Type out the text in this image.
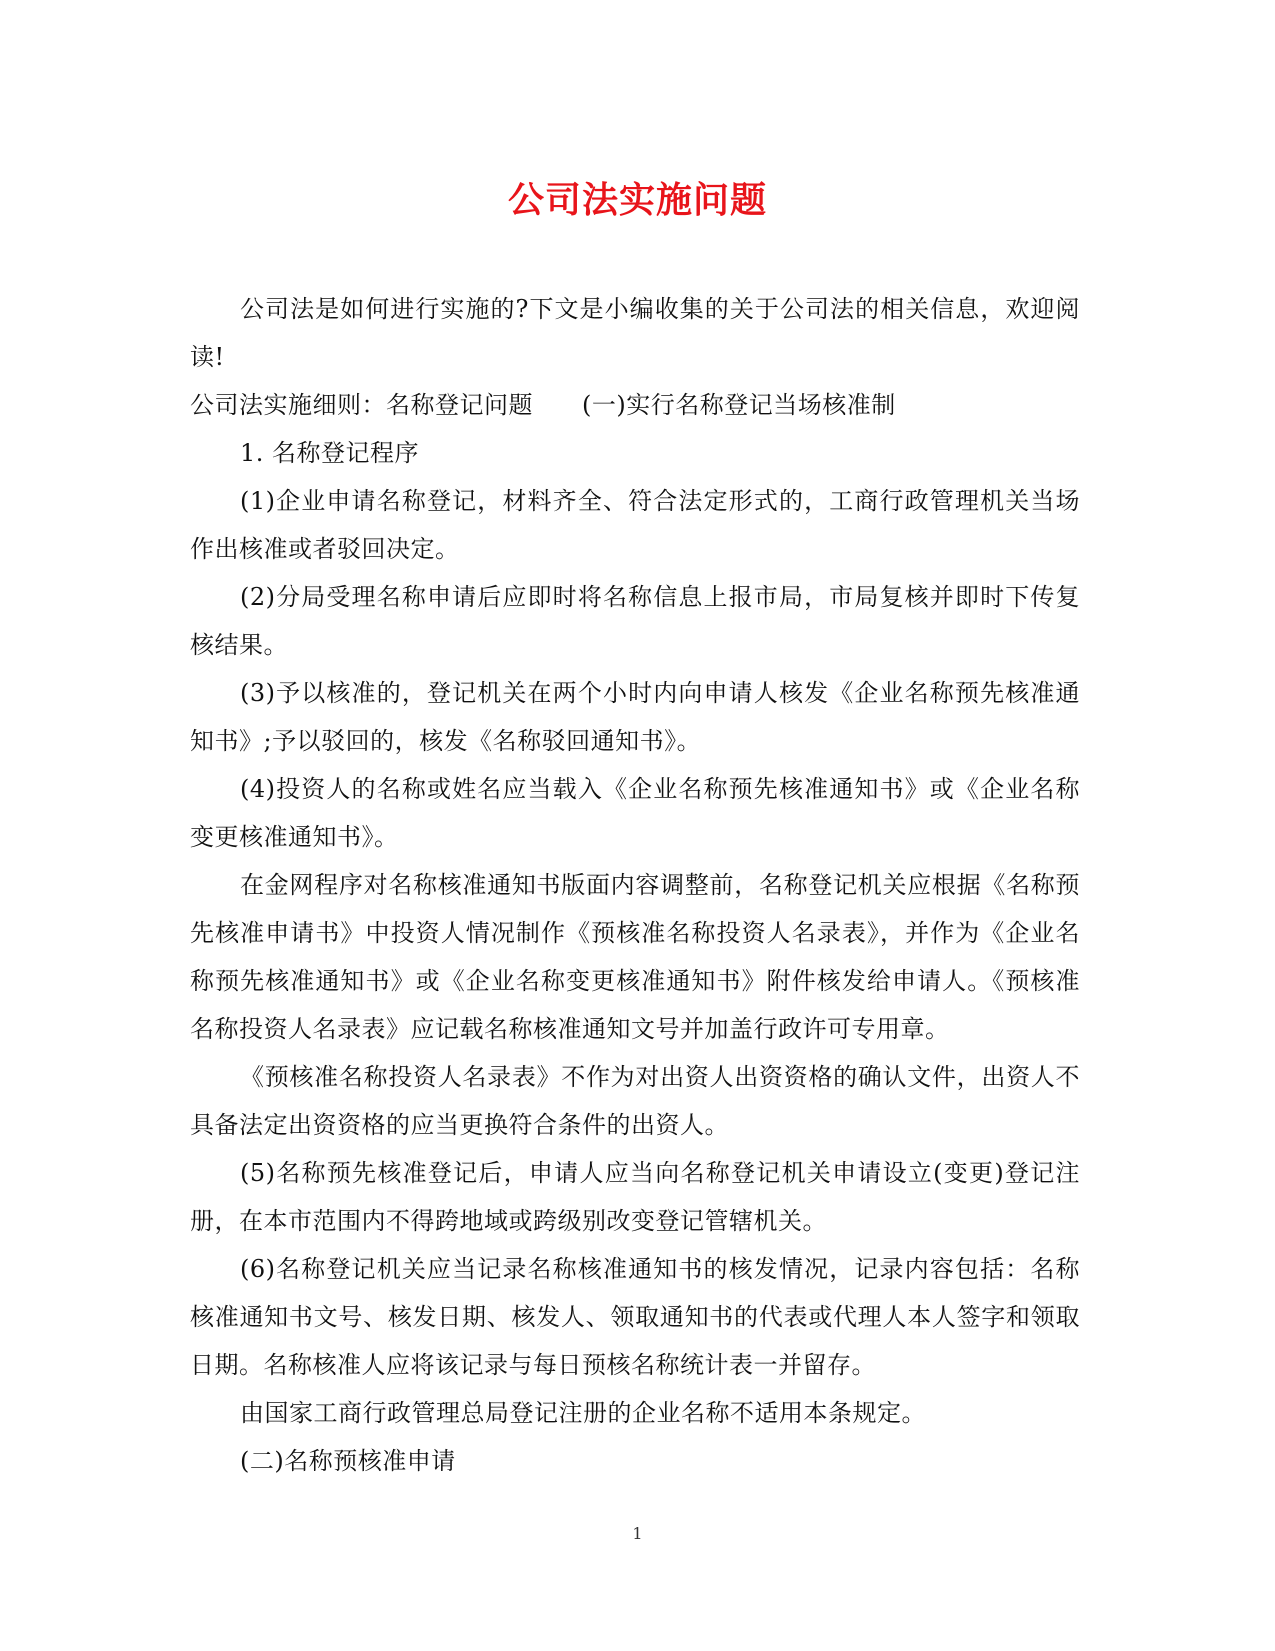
公司法实施问题

公司法是如何进行实施的?下文是小编收集的关于公司法的相关信息，欢迎阅读!

公司法实施细则：名称登记问题　　(一)实行名称登记当场核准制

1. 名称登记程序

(1)企业申请名称登记，材料齐全、符合法定形式的，工商行政管理机关当场作出核准或者驳回决定。

(2)分局受理名称申请后应即时将名称信息上报市局，市局复核并即时下传复核结果。

(3)予以核准的，登记机关在两个小时内向申请人核发《企业名称预先核准通知书》;予以驳回的，核发《名称驳回通知书》。

(4)投资人的名称或姓名应当载入《企业名称预先核准通知书》或《企业名称变更核准通知书》。

在金网程序对名称核准通知书版面内容调整前，名称登记机关应根据《名称预先核准申请书》中投资人情况制作《预核准名称投资人名录表》，并作为《企业名称预先核准通知书》或《企业名称变更核准通知书》附件核发给申请人。《预核准名称投资人名录表》应记载名称核准通知文号并加盖行政许可专用章。

《预核准名称投资人名录表》不作为对出资人出资资格的确认文件，出资人不具备法定出资资格的应当更换符合条件的出资人。

(5)名称预先核准登记后，申请人应当向名称登记机关申请设立(变更)登记注册，在本市范围内不得跨地域或跨级别改变登记管辖机关。

(6)名称登记机关应当记录名称核准通知书的核发情况，记录内容包括：名称核准通知书文号、核发日期、核发人、领取通知书的代表或代理人本人签字和领取日期。名称核准人应将该记录与每日预核名称统计表一并留存。

由国家工商行政管理总局登记注册的企业名称不适用本条规定。

(二)名称预核准申请

1
